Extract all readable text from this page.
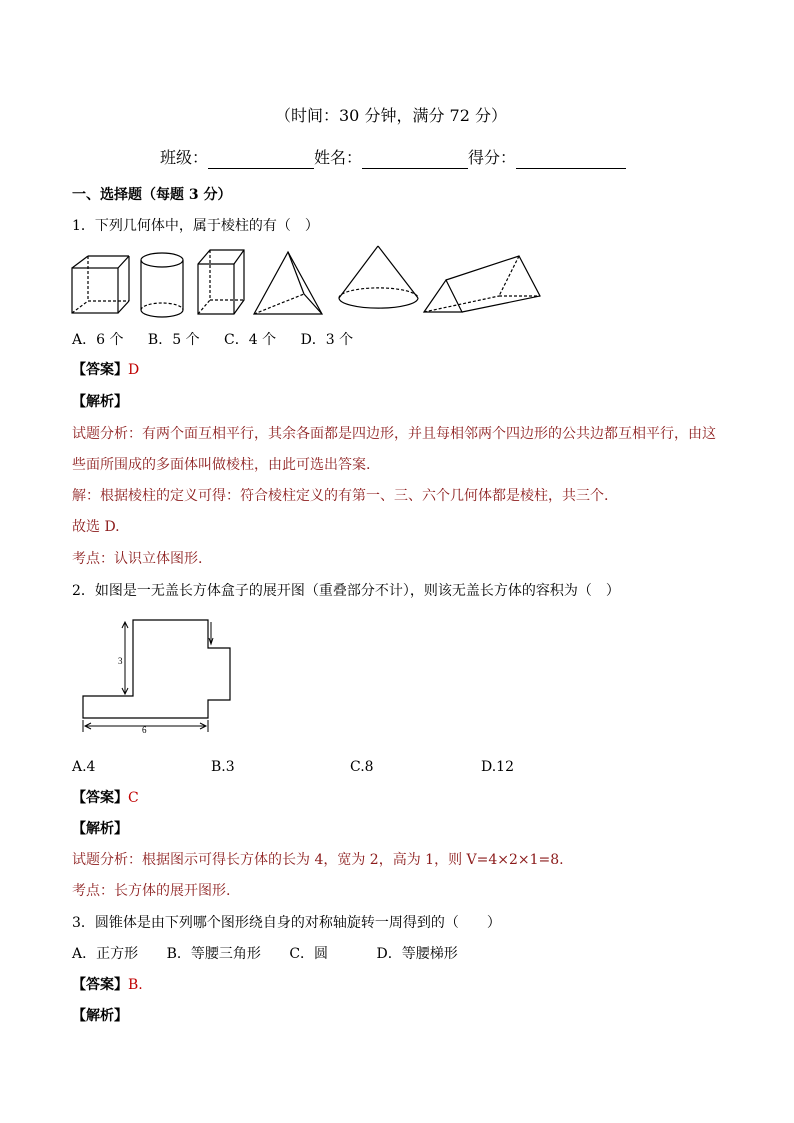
（时间：30 分钟，满分 72 分）
班级：	姓名：	得分：
一、选择题（每题 3 分）
1．下列几何体中，属于棱柱的有（　）
A．6 个 B．5 个 C．4 个 D．3 个
【答案】D
【解析】
试题分析：有两个面互相平行，其余各面都是四边形，并且每相邻两个四边形的公共边都互相平行，由这
些面所围成的多面体叫做棱柱，由此可选出答案.
解：根据棱柱的定义可得：符合棱柱定义的有第一、三、六个几何体都是棱柱，共三个.
故选 D.
考点：认识立体图形.
2．如图是一无盖长方体盒子的展开图（重叠部分不计），则该无盖长方体的容积为（　）
3
6
A.4	B.3	C.8	D.12
【答案】C
【解析】
试题分析：根据图示可得长方体的长为 4，宽为 2，高为 1，则 V=4×2×1=8.
考点：长方体的展开图形.
3．圆锥体是由下列哪个图形绕自身的对称轴旋转一周得到的（　　）
A．正方形 B．等腰三角形 C．圆	D．等腰梯形
【答案】B.
【解析】
